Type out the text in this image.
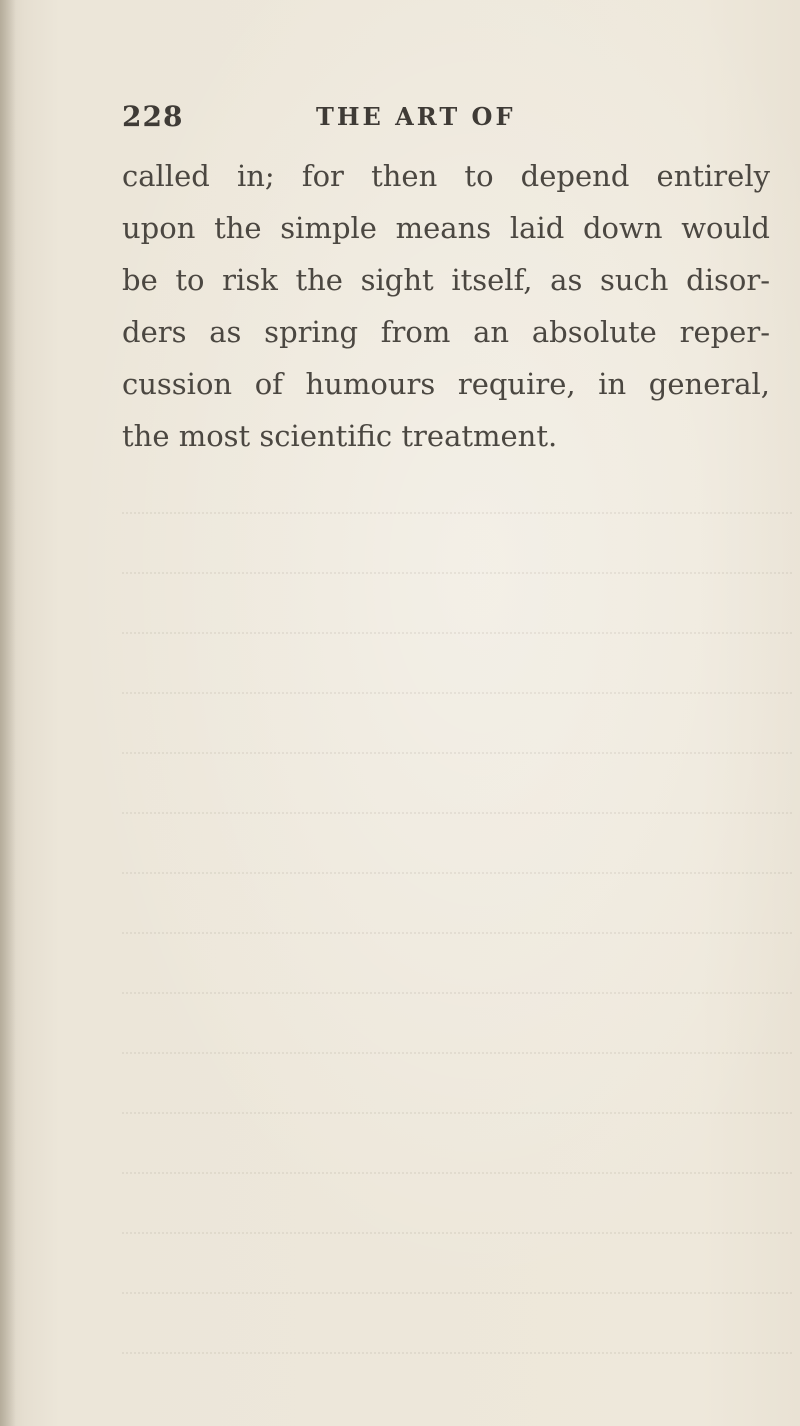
228	THE ART OF
called in; for then to depend entirely
upon the simple means laid down would
be to risk the sight itself, as such disor-
ders as spring from an absolute reper-
cussion of humours require, in general,
the most scientific treatment.
